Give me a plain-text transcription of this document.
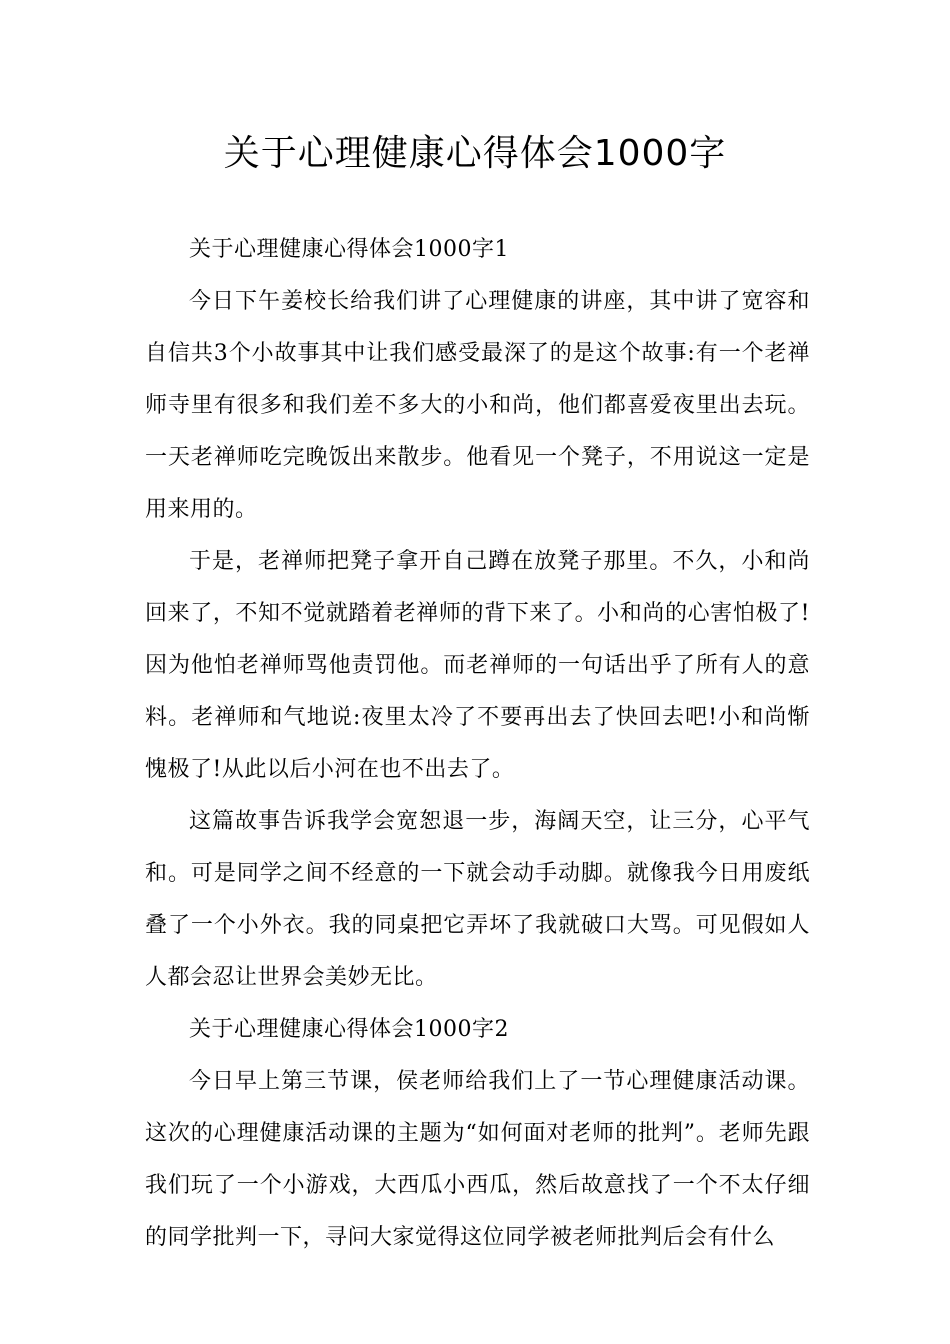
关于心理健康心得体会1000字

关于心理健康心得体会1000字1

今日下午姜校长给我们讲了心理健康的讲座，其中讲了宽容和自信共3个小故事其中让我们感受最深了的是这个故事:有一个老禅师寺里有很多和我们差不多大的小和尚，他们都喜爱夜里出去玩。一天老禅师吃完晚饭出来散步。他看见一个凳子，不用说这一定是用来用的。

于是，老禅师把凳子拿开自己蹲在放凳子那里。不久，小和尚回来了，不知不觉就踏着老禅师的背下来了。小和尚的心害怕极了!因为他怕老禅师骂他责罚他。而老禅师的一句话出乎了所有人的意料。老禅师和气地说:夜里太冷了不要再出去了快回去吧!小和尚惭愧极了!从此以后小河在也不出去了。

这篇故事告诉我学会宽恕退一步，海阔天空，让三分，心平气和。可是同学之间不经意的一下就会动手动脚。就像我今日用废纸叠了一个小外衣。我的同桌把它弄坏了我就破口大骂。可见假如人人都会忍让世界会美妙无比。

关于心理健康心得体会1000字2

今日早上第三节课，侯老师给我们上了一节心理健康活动课。这次的心理健康活动课的主题为“如何面对老师的批判”。老师先跟我们玩了一个小游戏，大西瓜小西瓜，然后故意找了一个不太仔细的同学批判一下，寻问大家觉得这位同学被老师批判后会有什么
